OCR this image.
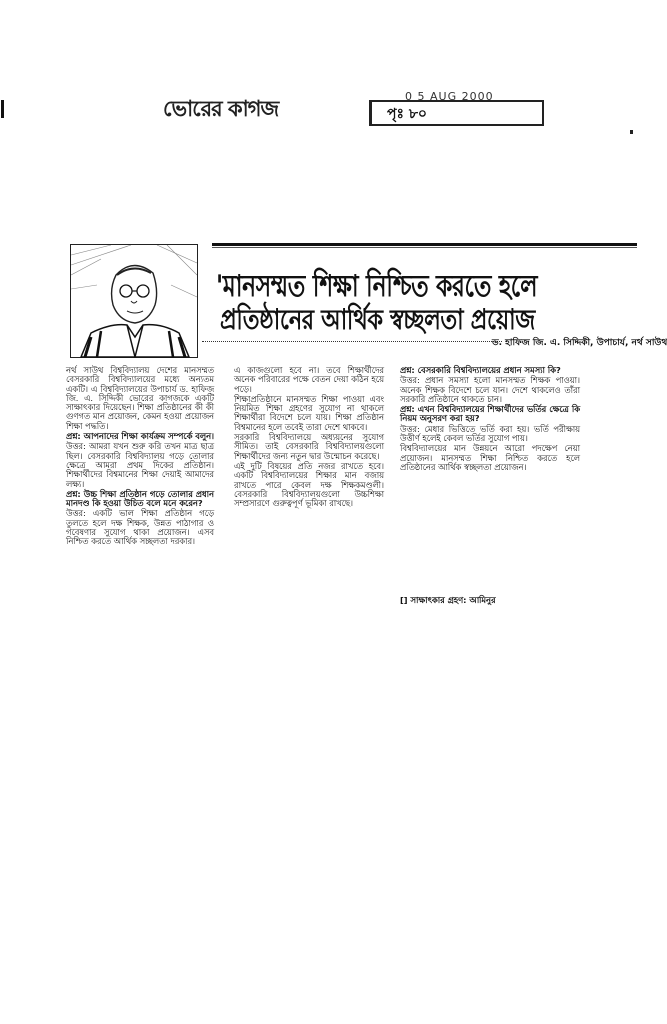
ভোরের কাগজ	0 5 AUG 2000
পৃঃ ৮০
'মানসম্মত শিক্ষা নিশ্চিত করতে হলে
প্রতিষ্ঠানের আর্থিক স্বচ্ছলতা প্রয়োজ
ড. হাফিজ জি. এ. সিদ্দিকী, উপাচার্য, নর্থ সাউথ

নর্থ সাউথ বিশ্ববিদ্যালয় দেশের মানসম্মত বেসরকারি বিশ্ববিদ্যালয়ের মধ্যে অন্যতম একটি। এ বিশ্ববিদ্যালয়ের উপাচার্য ড. হাফিজ জি. এ. সিদ্দিকী ভোরের কাগজকে একটি সাক্ষাৎকার দিয়েছেন। শিক্ষা প্রতিষ্ঠানের কী কী গুণগত মান প্রয়োজন, কেমন হওয়া প্রয়োজন শিক্ষা পদ্ধতি।

প্রশ্ন: আপনাদের শিক্ষা কার্যক্রম সম্পর্কে বলুন।

উত্তর: আমরা যখন শুরু করি তখন মাত্র ছাত্র ছিল। বেসরকারি বিশ্ববিদ্যালয় গড়ে তোলার ক্ষেত্রে আমরা প্রথম দিকের প্রতিষ্ঠান। শিক্ষার্থীদের বিশ্বমানের শিক্ষা দেয়াই আমাদের লক্ষ্য।

প্রশ্ন: উচ্চ শিক্ষা প্রতিষ্ঠান গড়ে তোলার প্রধান মানদণ্ড কি হওয়া উচিত বলে মনে করেন?

উত্তর: একটি ভাল শিক্ষা প্রতিষ্ঠান গড়ে তুলতে হলে দক্ষ শিক্ষক, উন্নত পাঠাগার ও গবেষণার সুযোগ থাকা প্রয়োজন। এসব নিশ্চিত করতে আর্থিক সচ্ছলতা দরকার।

এ কাজগুলো হবে না। তবে শিক্ষার্থীদের অনেক পরিবারের পক্ষে বেতন দেয়া কঠিন হয়ে পড়ে।

শিক্ষাপ্রতিষ্ঠানে মানসম্মত শিক্ষা পাওয়া এবং নিয়মিত শিক্ষা গ্রহণের সুযোগ না থাকলে শিক্ষার্থীরা বিদেশে চলে যায়। শিক্ষা প্রতিষ্ঠান বিশ্বমানের হলে তবেই তারা দেশে থাকবে।

সরকারি বিশ্ববিদ্যালয়ে অধ্যয়নের সুযোগ সীমিত। তাই বেসরকারি বিশ্ববিদ্যালয়গুলো শিক্ষার্থীদের জন্য নতুন দ্বার উন্মোচন করেছে।

এই দুটি বিষয়ের প্রতি নজর রাখতে হবে। একটি বিশ্ববিদ্যালয়ের শিক্ষার মান বজায় রাখতে পারে কেবল দক্ষ শিক্ষকমণ্ডলী। বেসরকারি বিশ্ববিদ্যালয়গুলো উচ্চশিক্ষা সম্প্রসারণে গুরুত্বপূর্ণ ভূমিকা রাখছে।

প্রশ্ন: বেসরকারি বিশ্ববিদ্যালয়ের প্রধান সমস্যা কি?

উত্তর: প্রধান সমস্যা হলো মানসম্মত শিক্ষক পাওয়া। অনেক শিক্ষক বিদেশে চলে যান। দেশে থাকলেও তাঁরা সরকারি প্রতিষ্ঠানে থাকতে চান।

প্রশ্ন: এখন বিশ্ববিদ্যালয়ের শিক্ষার্থীদের ভর্তির ক্ষেত্রে কি নিয়ম অনুসরণ করা হয়?

উত্তর: মেধার ভিত্তিতে ভর্তি করা হয়। ভর্তি পরীক্ষায় উত্তীর্ণ হলেই কেবল ভর্তির সুযোগ পায়।

বিশ্ববিদ্যালয়ের মান উন্নয়নে আরো পদক্ষেপ নেয়া প্রয়োজন। মানসম্মত শিক্ষা নিশ্চিত করতে হলে প্রতিষ্ঠানের আর্থিক স্বচ্ছলতা প্রয়োজন।

[] সাক্ষাৎকার গ্রহণ: আমিনুর
